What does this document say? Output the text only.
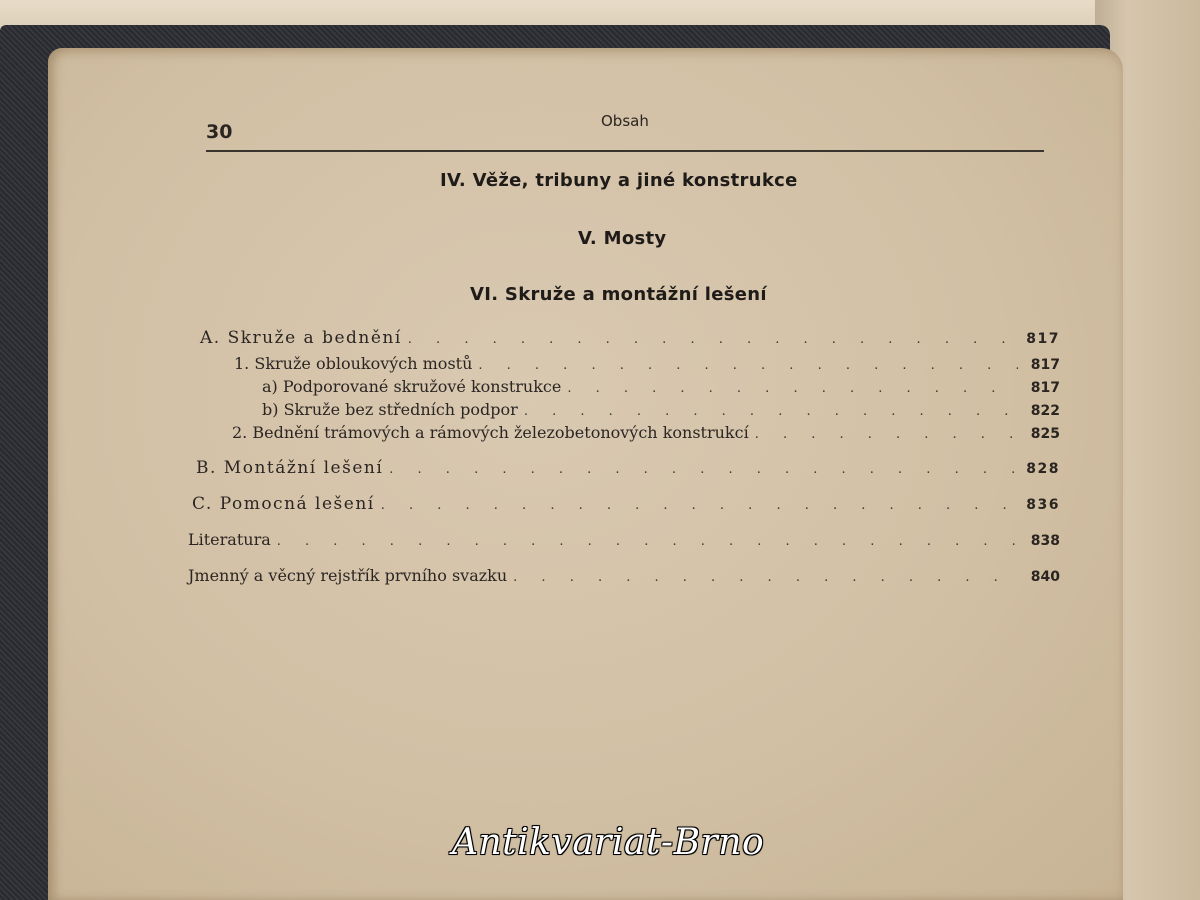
30	Obsah
IV. Věže, tribuny a jiné konstrukce
V. Mosty
VI. Skruže a montážní lešení
A. Skruže a bednění . . .	817
1. Skruže obloukových mostů . . .	817
a) Podporované skružové konstrukce . . .	817
b) Skruže bez středních podpor . . .	822
2. Bednění trámových a rámových železobetonových konstrukcí . . .	825
B. Montážní lešení . . .	828
C. Pomocná lešení . . .	836
Literatura . . .	838
Jmenný a věcný rejstřík prvního svazku . . .	840
Antikvariat-Brno
